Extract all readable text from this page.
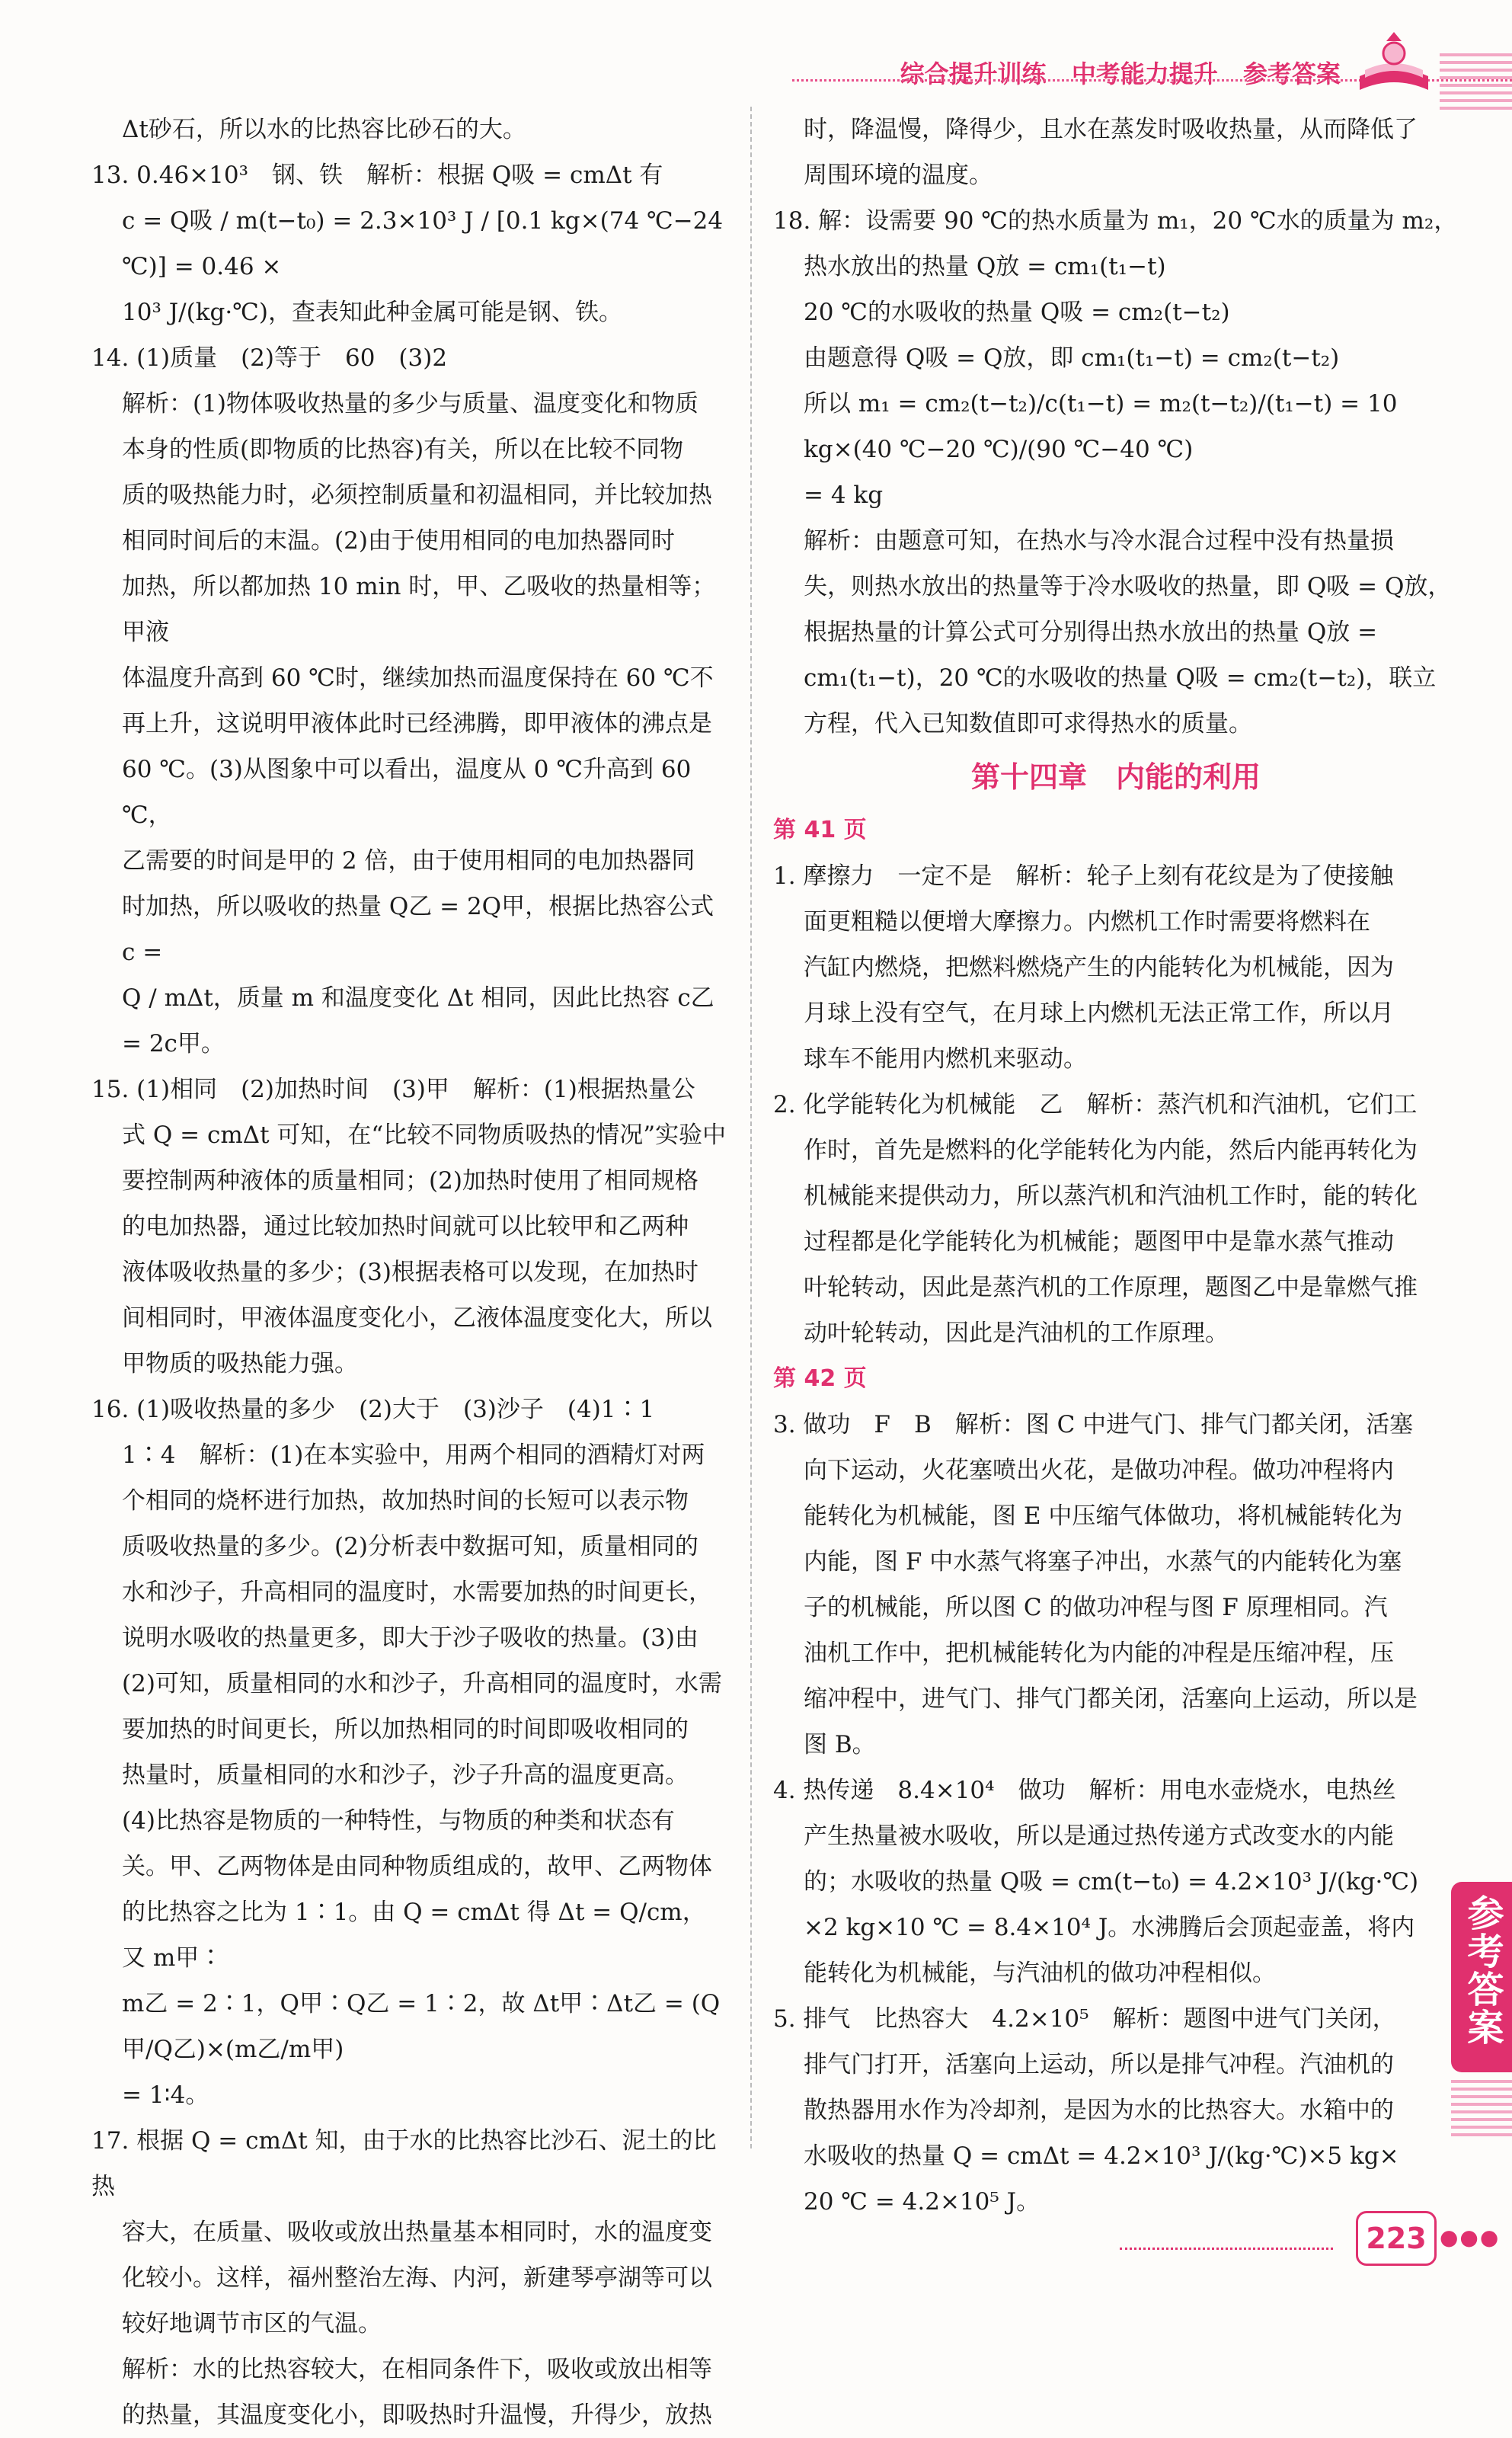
综合提升训练 中考能力提升 参考答案

Δt砂石，所以水的比热容比砂石的大。

13. 0.46×10³　钢、铁　解析：根据 Q吸 = cmΔt 有

c = Q吸 / m(t−t₀) = 2.3×10³ J / [0.1 kg×(74 ℃−24 ℃)] = 0.46 ×

10³ J/(kg·℃)，查表知此种金属可能是钢、铁。

14. (1)质量　(2)等于　60　(3)2

解析：(1)物体吸收热量的多少与质量、温度变化和物质

本身的性质(即物质的比热容)有关，所以在比较不同物

质的吸热能力时，必须控制质量和初温相同，并比较加热

相同时间后的末温。(2)由于使用相同的电加热器同时

加热，所以都加热 10 min 时，甲、乙吸收的热量相等；甲液

体温度升高到 60 ℃时，继续加热而温度保持在 60 ℃不

再上升，这说明甲液体此时已经沸腾，即甲液体的沸点是

60 ℃。(3)从图象中可以看出，温度从 0 ℃升高到 60 ℃，

乙需要的时间是甲的 2 倍，由于使用相同的电加热器同

时加热，所以吸收的热量 Q乙 = 2Q甲，根据比热容公式 c =

Q / mΔt，质量 m 和温度变化 Δt 相同，因此比热容 c乙 = 2c甲。

15. (1)相同　(2)加热时间　(3)甲　解析：(1)根据热量公

式 Q = cmΔt 可知，在“比较不同物质吸热的情况”实验中

要控制两种液体的质量相同；(2)加热时使用了相同规格

的电加热器，通过比较加热时间就可以比较甲和乙两种

液体吸收热量的多少；(3)根据表格可以发现，在加热时

间相同时，甲液体温度变化小，乙液体温度变化大，所以

甲物质的吸热能力强。

16. (1)吸收热量的多少　(2)大于　(3)沙子　(4)1∶1

1∶4　解析：(1)在本实验中，用两个相同的酒精灯对两

个相同的烧杯进行加热，故加热时间的长短可以表示物

质吸收热量的多少。(2)分析表中数据可知，质量相同的

水和沙子，升高相同的温度时，水需要加热的时间更长，

说明水吸收的热量更多，即大于沙子吸收的热量。(3)由

(2)可知，质量相同的水和沙子，升高相同的温度时，水需

要加热的时间更长，所以加热相同的时间即吸收相同的

热量时，质量相同的水和沙子，沙子升高的温度更高。

(4)比热容是物质的一种特性，与物质的种类和状态有

关。甲、乙两物体是由同种物质组成的，故甲、乙两物体

的比热容之比为 1∶1。由 Q = cmΔt 得 Δt = Q/cm，又 m甲∶

m乙 = 2∶1，Q甲∶Q乙 = 1∶2，故 Δt甲∶Δt乙 = (Q甲/Q乙)×(m乙/m甲)

= 1∶4。

17. 根据 Q = cmΔt 知，由于水的比热容比沙石、泥土的比热

容大，在质量、吸收或放出热量基本相同时，水的温度变

化较小。这样，福州整治左海、内河，新建琴亭湖等可以

较好地调节市区的气温。

解析：水的比热容较大，在相同条件下，吸收或放出相等

的热量，其温度变化小，即吸热时升温慢，升得少，放热

时，降温慢，降得少，且水在蒸发时吸收热量，从而降低了

周围环境的温度。

18. 解：设需要 90 ℃的热水质量为 m₁，20 ℃水的质量为 m₂，

热水放出的热量 Q放 = cm₁(t₁−t)

20 ℃的水吸收的热量 Q吸 = cm₂(t−t₂)

由题意得 Q吸 = Q放，即 cm₁(t₁−t) = cm₂(t−t₂)

所以 m₁ = cm₂(t−t₂)/c(t₁−t) = m₂(t−t₂)/(t₁−t) = 10 kg×(40 ℃−20 ℃)/(90 ℃−40 ℃)

= 4 kg

解析：由题意可知，在热水与冷水混合过程中没有热量损

失，则热水放出的热量等于冷水吸收的热量，即 Q吸 = Q放，

根据热量的计算公式可分别得出热水放出的热量 Q放 =

cm₁(t₁−t)，20 ℃的水吸收的热量 Q吸 = cm₂(t−t₂)，联立

方程，代入已知数值即可求得热水的质量。

第十四章　内能的利用

第 41 页

1. 摩擦力　一定不是　解析：轮子上刻有花纹是为了使接触

面更粗糙以便增大摩擦力。内燃机工作时需要将燃料在

汽缸内燃烧，把燃料燃烧产生的内能转化为机械能，因为

月球上没有空气，在月球上内燃机无法正常工作，所以月

球车不能用内燃机来驱动。

2. 化学能转化为机械能　乙　解析：蒸汽机和汽油机，它们工

作时，首先是燃料的化学能转化为内能，然后内能再转化为

机械能来提供动力，所以蒸汽机和汽油机工作时，能的转化

过程都是化学能转化为机械能；题图甲中是靠水蒸气推动

叶轮转动，因此是蒸汽机的工作原理，题图乙中是靠燃气推

动叶轮转动，因此是汽油机的工作原理。

第 42 页

3. 做功　F　B　解析：图 C 中进气门、排气门都关闭，活塞

向下运动，火花塞喷出火花，是做功冲程。做功冲程将内

能转化为机械能，图 E 中压缩气体做功，将机械能转化为

内能，图 F 中水蒸气将塞子冲出，水蒸气的内能转化为塞

子的机械能，所以图 C 的做功冲程与图 F 原理相同。汽

油机工作中，把机械能转化为内能的冲程是压缩冲程，压

缩冲程中，进气门、排气门都关闭，活塞向上运动，所以是

图 B。

4. 热传递　8.4×10⁴　做功　解析：用电水壶烧水，电热丝

产生热量被水吸收，所以是通过热传递方式改变水的内能

的；水吸收的热量 Q吸 = cm(t−t₀) = 4.2×10³ J/(kg·℃)

×2 kg×10 ℃ = 8.4×10⁴ J。水沸腾后会顶起壶盖，将内

能转化为机械能，与汽油机的做功冲程相似。

5. 排气　比热容大　4.2×10⁵　解析：题图中进气门关闭，

排气门打开，活塞向上运动，所以是排气冲程。汽油机的

散热器用水作为冷却剂，是因为水的比热容大。水箱中的

水吸收的热量 Q = cmΔt = 4.2×10³ J/(kg·℃)×5 kg×

20 ℃ = 4.2×10⁵ J。

参考答案
223 ●●●
